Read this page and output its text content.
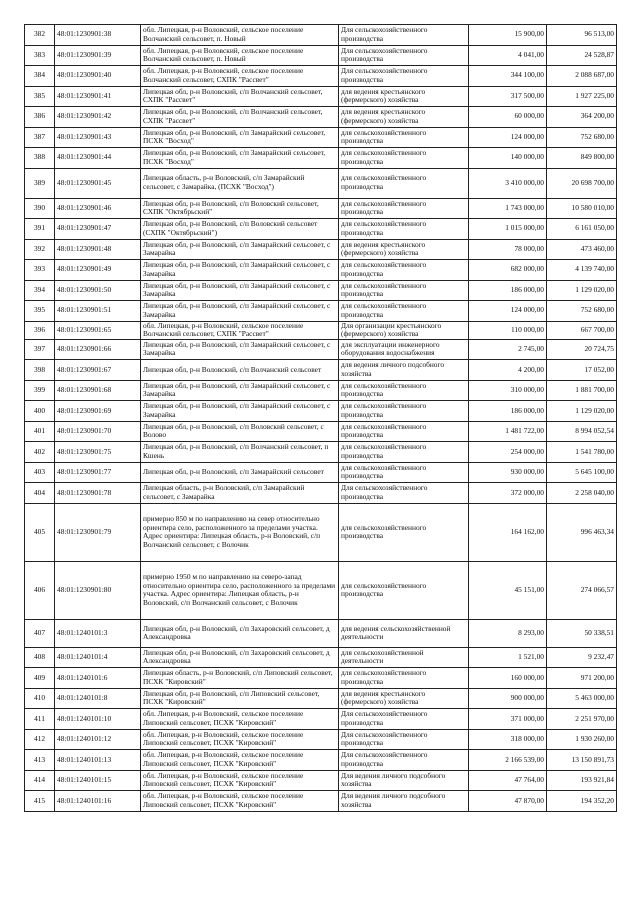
382	48:01:1230901:38	обл. Липецкая, р-н Воловский, сельское поселение Волчанский сельсовет, п. Новый	Для сельскохозяйственного производства	15 900,00	96 513,00
383	48:01:1230901:39	обл. Липецкая, р-н Воловский, сельское поселение Волчанский сельсовет, п. Новый	Для сельскохозяйственного производства	4 041,00	24 528,87
384	48:01:1230901:40	обл. Липецкая, р-н Воловский, сельское поселение Волчанский сельсовет, СХПК "Рассвет"	Для сельскохозяйственного производства	344 100,00	2 088 687,00
385	48:01:1230901:41	Липецкая обл, р-н Воловский, с/п Волчанский сельсовет, СХПК "Рассвет"	для ведения крестьянского (фермерского) хозяйства	317 500,00	1 927 225,00
386	48:01:1230901:42	Липецкая обл, р-н Воловский, с/п Волчанский сельсовет, СХПК "Рассвет"	для ведения крестьянского (фермерского) хозяйства	60 000,00	364 200,00
387	48:01:1230901:43	Липецкая обл, р-н Воловский, с/п Замарайский сельсовет, ПСХК "Восход"	для сельскохозяйственного производства	124 000,00	752 680,00
388	48:01:1230901:44	Липецкая обл, р-н Воловский, с/п Замарайский сельсовет, ПСХК "Восход"	для сельскохозяйственного производства	140 000,00	849 800,00
389	48:01:1230901:45	Липецкая область, р-н Воловский, с/п Замарайский сельсовет, с Замарайка, (ПСХК "Восход")	для сельскохозяйственного производства	3 410 000,00	20 698 700,00
390	48:01:1230901:46	Липецкая обл, р-н Воловский, с/п Воловский сельсовет, СХПК "Октябрьский"	для сельскохозяйственного производства	1 743 000,00	10 580 010,00
391	48:01:1230901:47	Липецкая обл, р-н Воловский, с/п Воловский сельсовет (СХПК "Октябрьский")	для сельскохозяйственного производства	1 015 000,00	6 161 050,00
392	48:01:1230901:48	Липецкая обл, р-н Воловский, с/п Замарайский сельсовет, с Замарайка	для ведения крестьянского (фермерского) хозяйства	78 000,00	473 460,00
393	48:01:1230901:49	Липецкая обл, р-н Воловский, с/п Замарайский сельсовет, с Замарайка	для сельскохозяйственного производства	682 000,00	4 139 740,00
394	48:01:1230901:50	Липецкая обл, р-н Воловский, с/п Замарайский сельсовет, с Замарайка	для сельскохозяйственного производства	186 000,00	1 129 020,00
395	48:01:1230901:51	Липецкая обл, р-н Воловский, с/п Замарайский сельсовет, с Замарайка	для сельскохозяйственного производства	124 000,00	752 680,00
396	48:01:1230901:65	обл. Липецкая, р-н Воловский, сельское поселение Волчанский сельсовет, СХПК "Рассвет"	Для организации крестьянского (фермерского) хозяйства	110 000,00	667 700,00
397	48:01:1230901:66	Липецкая обл, р-н Воловский, с/п Замарайский сельсовет, с Замарайка	для эксплуатации инженерного оборудования водоснабжения	2 745,00	20 724,75
398	48:01:1230901:67	Липецкая обл, р-н Воловский, с/п Волчанский сельсовет	для ведения личного подсобного хозяйства	4 200,00	17 052,00
399	48:01:1230901:68	Липецкая обл, р-н Воловский, с/п Замарайский сельсовет, с Замарайка	для сельскохозяйственного производства	310 000,00	1 881 700,00
400	48:01:1230901:69	Липецкая обл, р-н Воловский, с/п Замарайский сельсовет, с Замарайка	для сельскохозяйственного производства	186 000,00	1 129 020,00
401	48:01:1230901:70	Липецкая обл, р-н Воловский, с/п Воловский сельсовет, с Волово	для сельскохозяйственного производства	1 481 722,00	8 994 052,54
402	48:01:1230901:75	Липецкая обл, р-н Воловский, с/п Волчанский сельсовет, п Кшень	для сельскохозяйственного производства	254 000,00	1 541 780,00
403	48:01:1230901:77	Липецкая обл, р-н Воловский, с/п Замарайский сельсовет	для сельскохозяйственного производства	930 000,00	5 645 100,00
404	48:01:1230901:78	Липецкая область, р-н Воловский, с/п Замарайский сельсовет, с Замарайка	Для сельскохозяйственного производства	372 000,00	2 258 040,00
405	48:01:1230901:79	примерно 850 м по направлению на север относительно ориентира село, расположенного за пределами участка. Адрес ориентира: Липецкая область, р-н Воловский, с/п Волчанский сельсовет, с Волочик	для сельскохозяйственного производства	164 162,00	996 463,34
406	48:01:1230901:80	примерно 1950 м по направлению на северо-запад относительно ориентира село, расположенного за пределами участка. Адрес ориентира: Липецкая область, р-н Воловский, с/п Волчанский сельсовет, с Волочик	для сельскохозяйственного производства	45 151,00	274 066,57
407	48:01:1240101:3	Липецкая обл, р-н Воловский, с/п Захаровский сельсовет, д Александровка	для ведения сельскохозяйственной деятельности	8 293,00	50 338,51
408	48:01:1240101:4	Липецкая обл, р-н Воловский, с/п Захаровский сельсовет, д Александровка	для сельскохозяйственной деятельности	1 521,00	9 232,47
409	48:01:1240101:6	Липецкая область, р-н Воловский, с/п Липовский сельсовет, ПСХК "Кировский"	для сельскохозяйственного производства	160 000,00	971 200,00
410	48:01:1240101:8	Липецкая обл, р-н Воловский, с/п Липовский сельсовет, ПСХК "Кировский"	для ведения крестьянского (фермерского) хозяйства	900 000,00	5 463 000,00
411	48:01:1240101:10	обл. Липецкая, р-н Воловский, сельское поселение Липовский сельсовет, ПСХК "Кировский"	Для сельскохозяйственного производства	371 000,00	2 251 970,00
412	48:01:1240101:12	обл. Липецкая, р-н Воловский, сельское поселение Липовский сельсовет, ПСХК "Кировский"	Для сельскохозяйственного производства	318 000,00	1 930 260,00
413	48:01:1240101:13	обл. Липецкая, р-н Воловский, сельское поселение Липовский сельсовет, ПСХК "Кировский"	Для сельскохозяйственного производства	2 166 539,00	13 150 891,73
414	48:01:1240101:15	обл. Липецкая, р-н Воловский, сельское поселение Липовский сельсовет, ПСХК "Кировский"	Для ведения личного подсобного хозяйства	47 764,00	193 921,84
415	48:01:1240101:16	обл. Липецкая, р-н Воловский, сельское поселение Липовский сельсовет, ПСХК "Кировский"	Для ведения личного подсобного хозяйства	47 870,00	194 352,20
